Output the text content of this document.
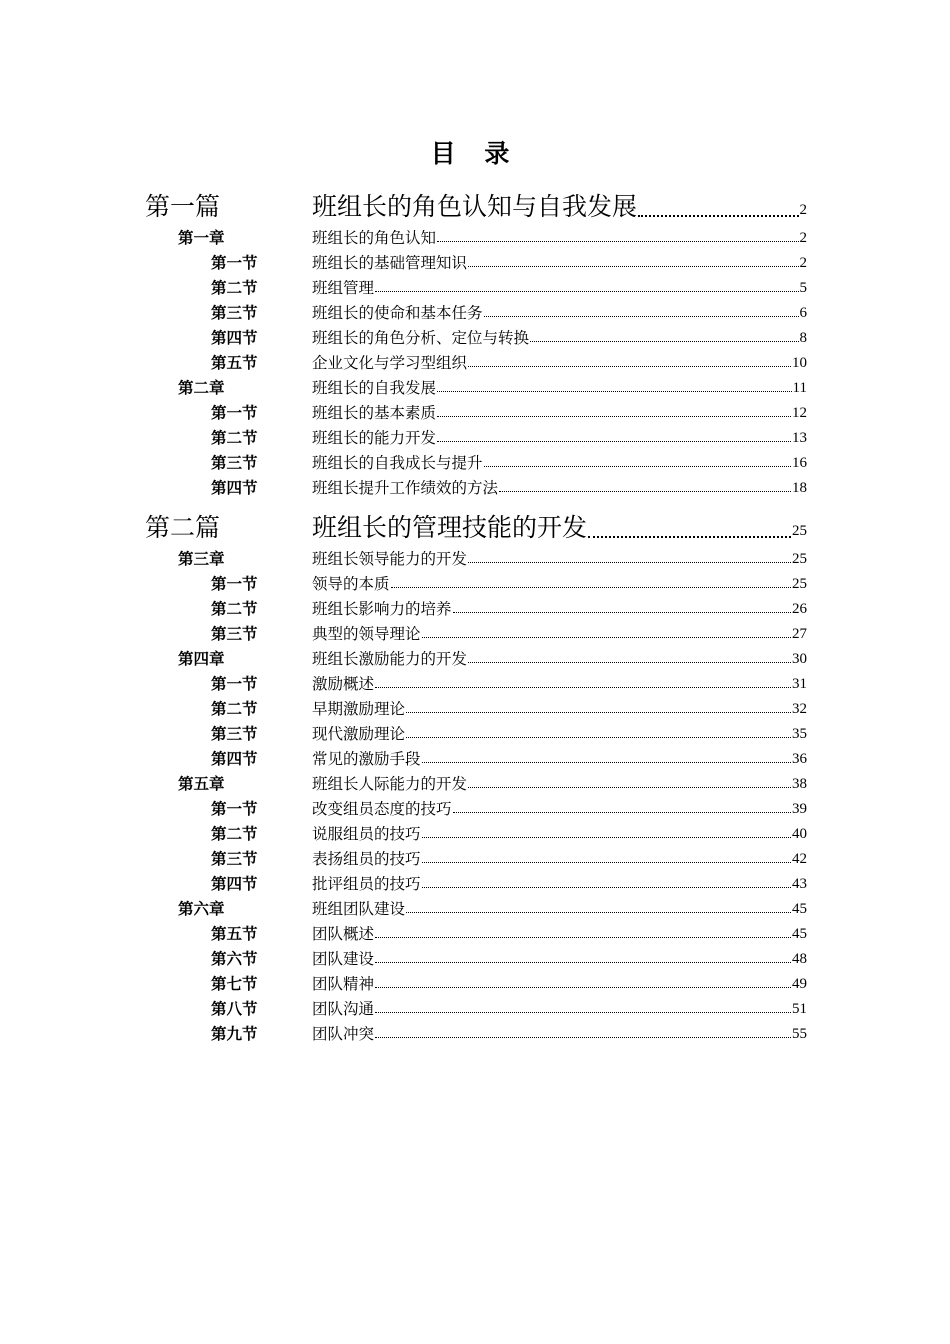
目 录
第一篇	班组长的角色认知与自我发展	2
第一章	班组长的角色认知	2
第一节	班组长的基础管理知识	2
第二节	班组管理	5
第三节	班组长的使命和基本任务	6
第四节	班组长的角色分析、定位与转换	8
第五节	企业文化与学习型组织	10
第二章	班组长的自我发展	11
第一节	班组长的基本素质	12
第二节	班组长的能力开发	13
第三节	班组长的自我成长与提升	16
第四节	班组长提升工作绩效的方法	18
第二篇	班组长的管理技能的开发	25
第三章	班组长领导能力的开发	25
第一节	领导的本质	25
第二节	班组长影响力的培养	26
第三节	典型的领导理论	27
第四章	班组长激励能力的开发	30
第一节	激励概述	31
第二节	早期激励理论	32
第三节	现代激励理论	35
第四节	常见的激励手段	36
第五章	班组长人际能力的开发	38
第一节	改变组员态度的技巧	39
第二节	说服组员的技巧	40
第三节	表扬组员的技巧	42
第四节	批评组员的技巧	43
第六章	班组团队建设	45
第五节	团队概述	45
第六节	团队建设	48
第七节	团队精神	49
第八节	团队沟通	51
第九节	团队冲突	55
